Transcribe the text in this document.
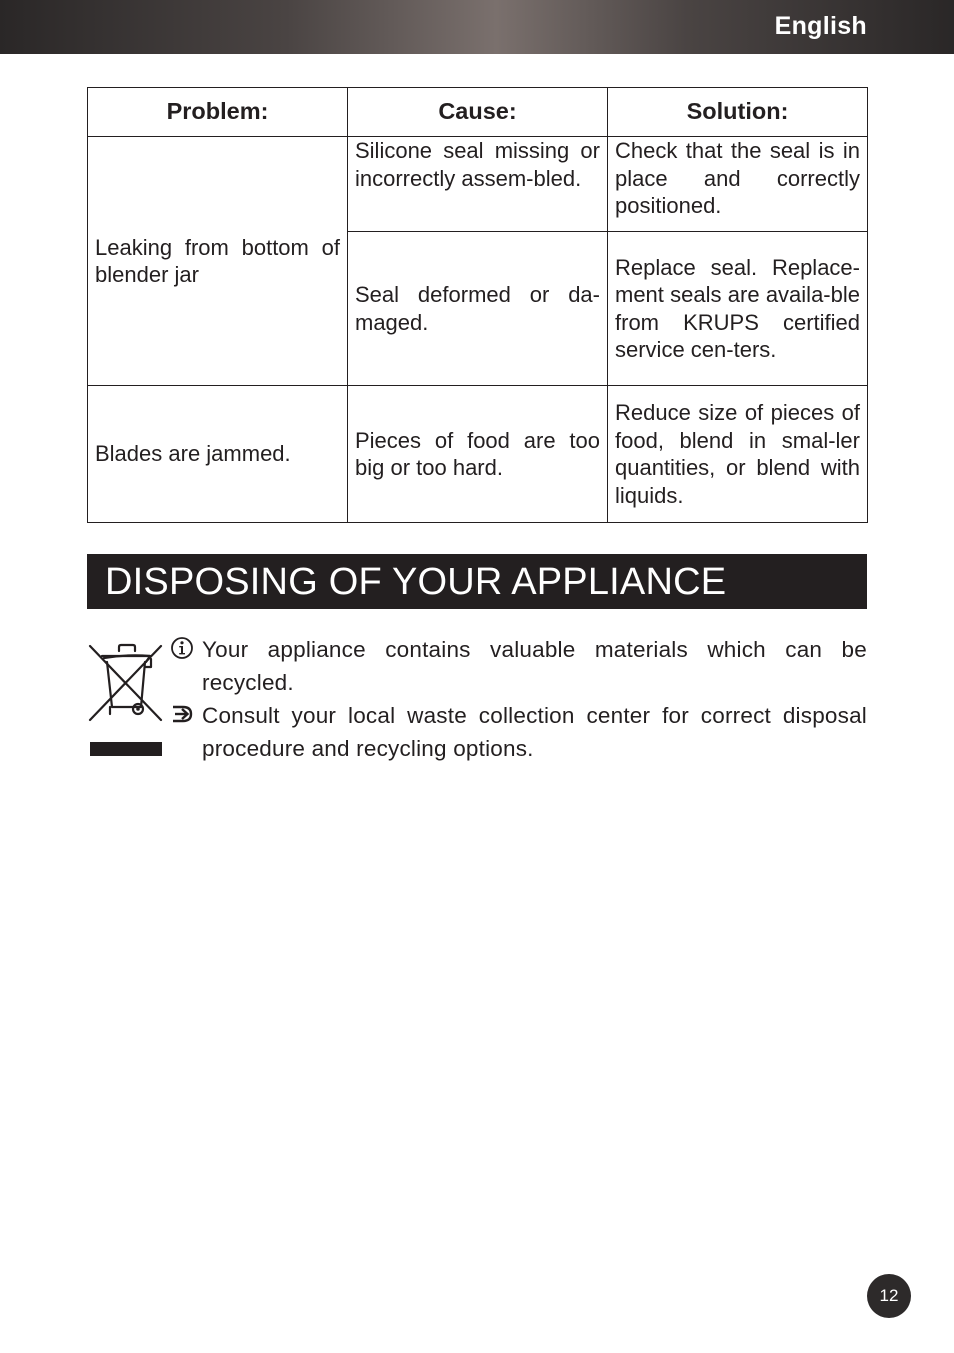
English
Problem:	Cause:	Solution:
Leaking from bottom of blender jar	Silicone seal missing or incorrectly assem-bled.	Check that the seal is in place and correctly positioned.
	Seal deformed or da-maged.	Replace seal. Replace-ment seals are availa-ble from KRUPS certified service cen-ters.
Blades are jammed.	Pieces of food are too big or too hard.	Reduce size of pieces of food, blend in smal-ler quantities, or blend with liquids.
DISPOSING OF YOUR APPLIANCE

Your appliance contains valuable materials which can be recycled.

Consult your local waste collection center for correct disposal procedure and recycling options.

12
